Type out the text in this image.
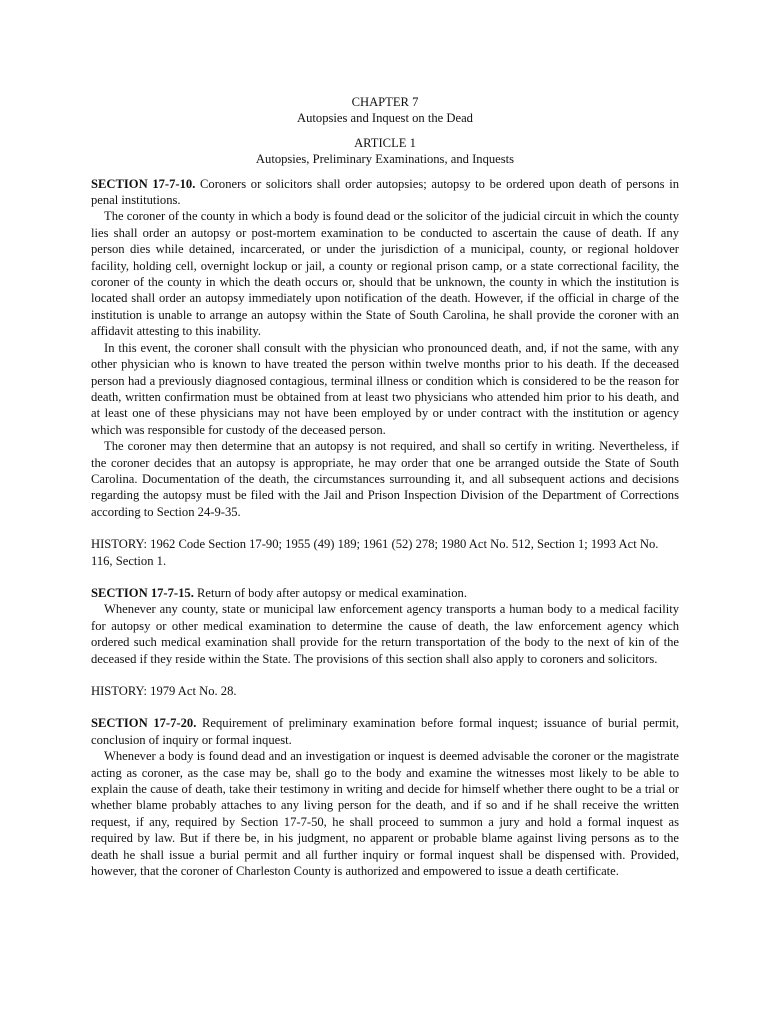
CHAPTER 7
Autopsies and Inquest on the Dead
ARTICLE 1
Autopsies, Preliminary Examinations, and Inquests

SECTION 17-7-10. Coroners or solicitors shall order autopsies; autopsy to be ordered upon death of persons in penal institutions.

The coroner of the county in which a body is found dead or the solicitor of the judicial circuit in which the county lies shall order an autopsy or post-mortem examination to be conducted to ascertain the cause of death. If any person dies while detained, incarcerated, or under the jurisdiction of a municipal, county, or regional holdover facility, holding cell, overnight lockup or jail, a county or regional prison camp, or a state correctional facility, the coroner of the county in which the death occurs or, should that be unknown, the county in which the institution is located shall order an autopsy immediately upon notification of the death. However, if the official in charge of the institution is unable to arrange an autopsy within the State of South Carolina, he shall provide the coroner with an affidavit attesting to this inability.

In this event, the coroner shall consult with the physician who pronounced death, and, if not the same, with any other physician who is known to have treated the person within twelve months prior to his death. If the deceased person had a previously diagnosed contagious, terminal illness or condition which is considered to be the reason for death, written confirmation must be obtained from at least two physicians who attended him prior to his death, and at least one of these physicians may not have been employed by or under contract with the institution or agency which was responsible for custody of the deceased person.

The coroner may then determine that an autopsy is not required, and shall so certify in writing. Nevertheless, if the coroner decides that an autopsy is appropriate, he may order that one be arranged outside the State of South Carolina. Documentation of the death, the circumstances surrounding it, and all subsequent actions and decisions regarding the autopsy must be filed with the Jail and Prison Inspection Division of the Department of Corrections according to Section 24-9-35.

HISTORY: 1962 Code Section 17-90; 1955 (49) 189; 1961 (52) 278; 1980 Act No. 512, Section 1; 1993 Act No. 116, Section 1.

SECTION 17-7-15. Return of body after autopsy or medical examination.

Whenever any county, state or municipal law enforcement agency transports a human body to a medical facility for autopsy or other medical examination to determine the cause of death, the law enforcement agency which ordered such medical examination shall provide for the return transportation of the body to the next of kin of the deceased if they reside within the State. The provisions of this section shall also apply to coroners and solicitors.

HISTORY: 1979 Act No. 28.

SECTION 17-7-20. Requirement of preliminary examination before formal inquest; issuance of burial permit, conclusion of inquiry or formal inquest.

Whenever a body is found dead and an investigation or inquest is deemed advisable the coroner or the magistrate acting as coroner, as the case may be, shall go to the body and examine the witnesses most likely to be able to explain the cause of death, take their testimony in writing and decide for himself whether there ought to be a trial or whether blame probably attaches to any living person for the death, and if so and if he shall receive the written request, if any, required by Section 17-7-50, he shall proceed to summon a jury and hold a formal inquest as required by law. But if there be, in his judgment, no apparent or probable blame against living persons as to the death he shall issue a burial permit and all further inquiry or formal inquest shall be dispensed with. Provided, however, that the coroner of Charleston County is authorized and empowered to issue a death certificate.
